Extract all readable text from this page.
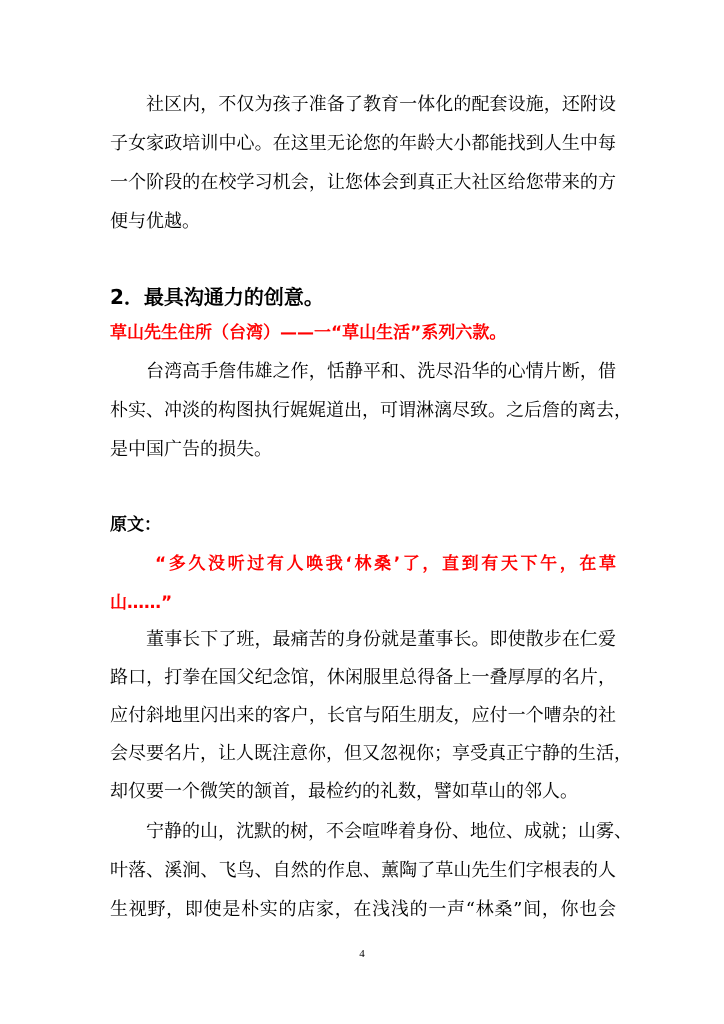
社区内，不仅为孩子准备了教育一体化的配套设施，还附设
子女家政培训中心。在这里无论您的年龄大小都能找到人生中每
一个阶段的在校学习机会，让您体会到真正大社区给您带来的方
便与优越。
2．最具沟通力的创意。
草山先生住所（台湾）——一“草山生活”系列六款。
台湾高手詹伟雄之作，恬静平和、洗尽沿华的心情片断，借
朴实、冲淡的构图执行娓娓道出，可谓淋漓尽致。之后詹的离去，
是中国广告的损失。
原文：
“多久没听过有人唤我‘林桑’了，直到有天下午，在草
山……”
董事长下了班，最痛苦的身份就是董事长。即使散步在仁爱
路口，打拳在国父纪念馆，休闲服里总得备上一叠厚厚的名片，
应付斜地里闪出来的客户，长官与陌生朋友，应付一个嘈杂的社
会尽要名片，让人既注意你，但又忽视你；享受真正宁静的生活，
却仅要一个微笑的颔首，最检约的礼数，譬如草山的邻人。
宁静的山，沈默的树，不会喧哗着身份、地位、成就；山雾、
叶落、溪涧、飞鸟、自然的作息、薰陶了草山先生们字根表的人
生视野，即使是朴实的店家，在浅浅的一声“林桑”间，你也会
4
